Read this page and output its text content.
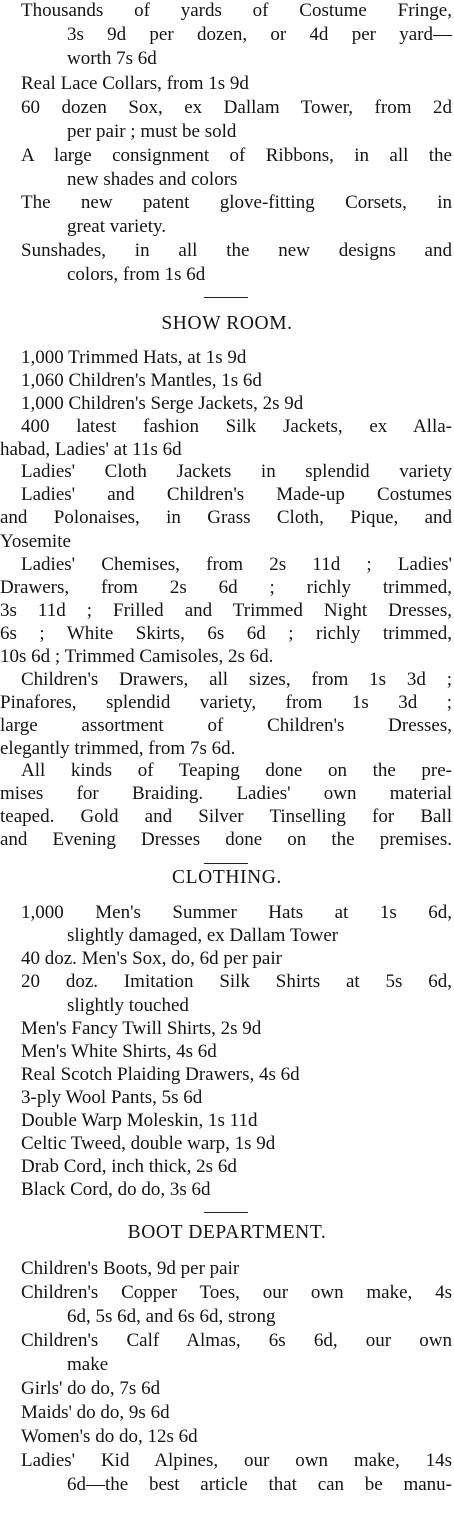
Thousands of yards of Costume Fringe,
3s 9d per dozen, or 4d per yard—
worth 7s 6d
Real Lace Collars, from 1s 9d
60 dozen Sox, ex Dallam Tower, from 2d
per pair ; must be sold
A large consignment of Ribbons, in all the
new shades and colors
The new patent glove-fitting Corsets, in
great variety.
Sunshades, in all the new designs and
colors, from 1s 6d
SHOW ROOM.
1,000 Trimmed Hats, at 1s 9d
1,060 Children's Mantles, 1s 6d
1,000 Children's Serge Jackets, 2s 9d
400 latest fashion Silk Jackets, ex Alla-
habad, Ladies' at 11s 6d
Ladies' Cloth Jackets in splendid variety
Ladies' and Children's Made-up Costumes
and Polonaises, in Grass Cloth, Pique, and
Yosemite
Ladies' Chemises, from 2s 11d ; Ladies'
Drawers, from 2s 6d ; richly trimmed,
3s 11d ; Frilled and Trimmed Night Dresses,
6s ; White Skirts, 6s 6d ; richly trimmed,
10s 6d ; Trimmed Camisoles, 2s 6d.
Children's Drawers, all sizes, from 1s 3d ;
Pinafores, splendid variety, from 1s 3d ;
large assortment of Children's Dresses,
elegantly trimmed, from 7s 6d.
All kinds of Teaping done on the pre-
mises for Braiding. Ladies' own material
teaped. Gold and Silver Tinselling for Ball
and Evening Dresses done on the premises.
CLOTHING.
1,000 Men's Summer Hats at 1s 6d,
slightly damaged, ex Dallam Tower
40 doz. Men's Sox, do, 6d per pair
20 doz. Imitation Silk Shirts at 5s 6d,
slightly touched
Men's Fancy Twill Shirts, 2s 9d
Men's White Shirts, 4s 6d
Real Scotch Plaiding Drawers, 4s 6d
3-ply Wool Pants, 5s 6d
Double Warp Moleskin, 1s 11d
Celtic Tweed, double warp, 1s 9d
Drab Cord, inch thick, 2s 6d
Black Cord, do do, 3s 6d
BOOT DEPARTMENT.
Children's Boots, 9d per pair
Children's Copper Toes, our own make, 4s
6d, 5s 6d, and 6s 6d, strong
Children's Calf Almas, 6s 6d, our own
make
Girls' do do, 7s 6d
Maids' do do, 9s 6d
Women's do do, 12s 6d
Ladies' Kid Alpines, our own make, 14s
6d—the best article that can be manu-
